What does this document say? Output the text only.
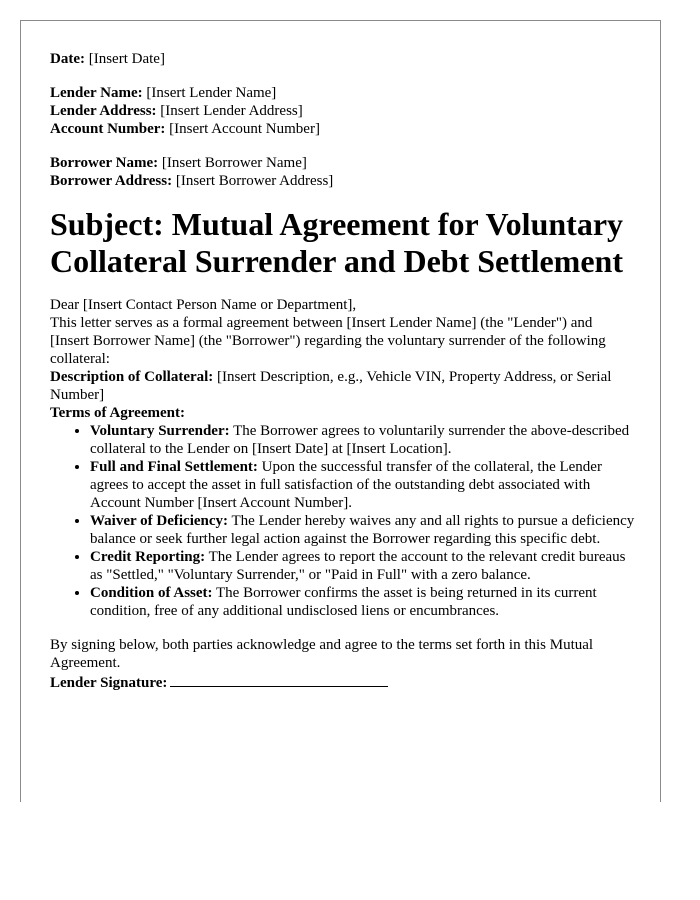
Date: [Insert Date]

Lender Name: [Insert Lender Name]

Lender Address: [Insert Lender Address]

Account Number: [Insert Account Number]

Borrower Name: [Insert Borrower Name]

Borrower Address: [Insert Borrower Address]

Subject: Mutual Agreement for Voluntary Collateral Surrender and Debt Settlement

Dear [Insert Contact Person Name or Department],

This letter serves as a formal agreement between [Insert Lender Name] (the "Lender") and [Insert Borrower Name] (the "Borrower") regarding the voluntary surrender of the following collateral:

Description of Collateral: [Insert Description, e.g., Vehicle VIN, Property Address, or Serial Number]

Terms of Agreement:

• Voluntary Surrender: The Borrower agrees to voluntarily surrender the above-described collateral to the Lender on [Insert Date] at [Insert Location].
• Full and Final Settlement: Upon the successful transfer of the collateral, the Lender agrees to accept the asset in full satisfaction of the outstanding debt associated with Account Number [Insert Account Number].
• Waiver of Deficiency: The Lender hereby waives any and all rights to pursue a deficiency balance or seek further legal action against the Borrower regarding this specific debt.
• Credit Reporting: The Lender agrees to report the account to the relevant credit bureaus as "Settled," "Voluntary Surrender," or "Paid in Full" with a zero balance.
• Condition of Asset: The Borrower confirms the asset is being returned in its current condition, free of any additional undisclosed liens or encumbrances.

By signing below, both parties acknowledge and agree to the terms set forth in this Mutual Agreement.

Lender Signature:
